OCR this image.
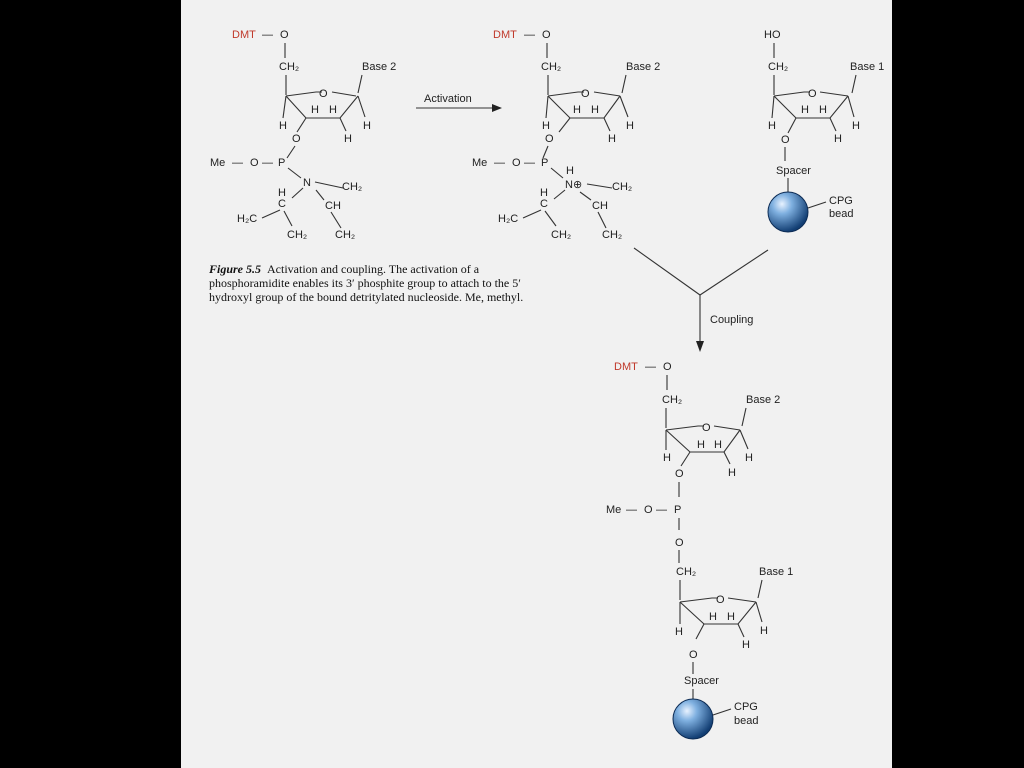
DMT — O
CH₂	Base 2
O
H H
H	H
H
O
Me — O — P
N
H	CH₂
CH
C
H₂C
CH₂	CH₂
Activation
DMT — O
CH₂	Base 2
O
H H
H	H
H
O
Me — O — P
H
N⊕
H	CH₂
CH
C
H₂C
CH₂	CH₂
HO
CH₂	Base 1
O
H H
H	H
H
O
Spacer
CPG
bead
Coupling
DMT — O
CH₂	Base 2
O
H H
H	H
H
O
Me — O — P
O
CH₂	Base 1
O
H H
H	H
H
O
Spacer
CPG
bead
Figure 5.5 Activation and coupling. The activation of a phosphoramidite enables its 3′ phosphite group to attach to the 5′ hydroxyl group of the bound detritylated nucleoside. Me, methyl.
